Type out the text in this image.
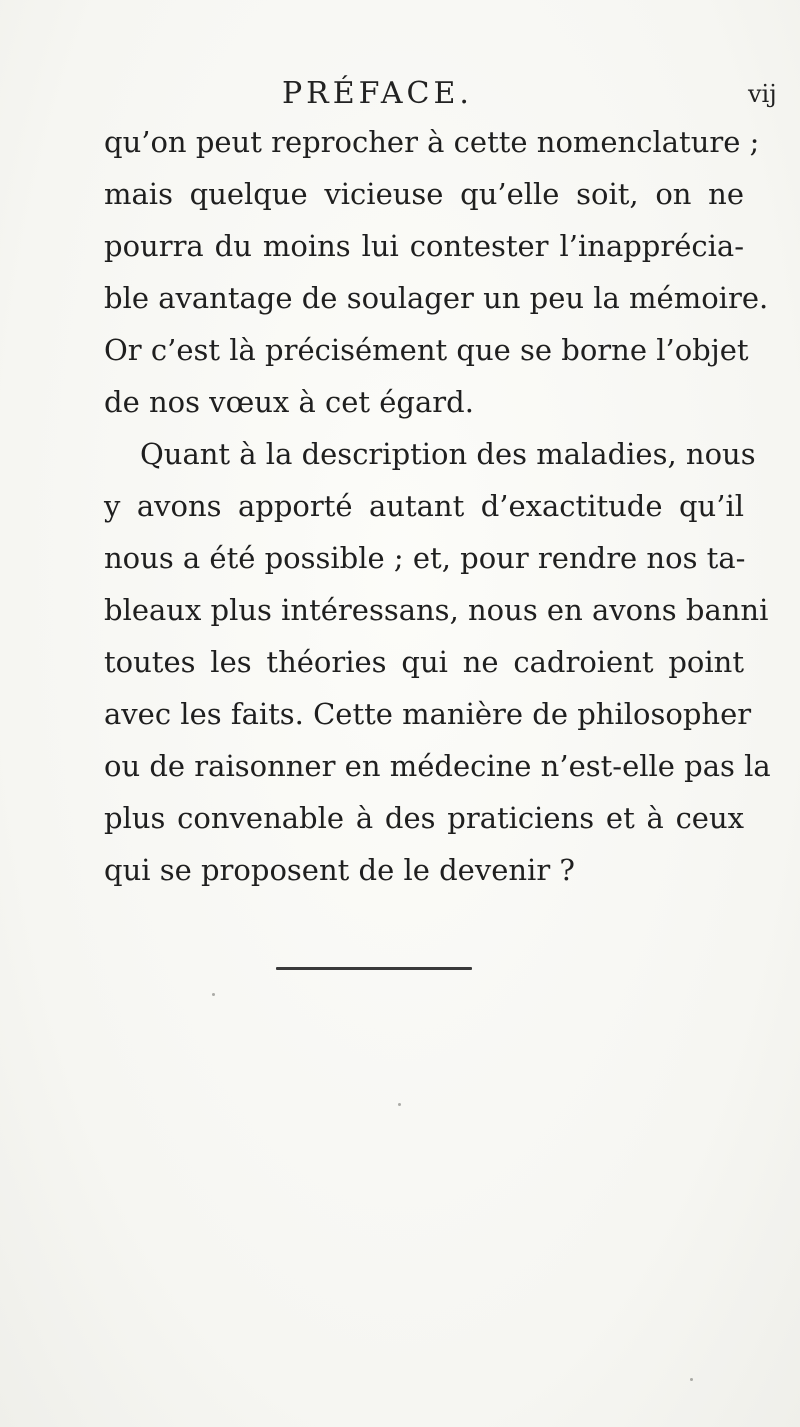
PRÉFACE.	vij
qu’on peut reprocher à cette nomenclature ;
mais quelque vicieuse qu’elle soit, on ne
pourra du moins lui contester l’inappréciа-
ble avantage de soulager un peu la mémoire.
Or c’est là précisément que se borne l’objet
de nos vœux à cet égard.
Quant à la description des maladies, nous
y avons apporté autant d’exactitude qu’il
nous a été possible ; et, pour rendre nos ta-
bleaux plus intéressans, nous en avons banni
toutes les théories qui ne cadroient point
avec les faits. Cette manière de philosopher
ou de raisonner en médecine n’est-elle pas la
plus convenable à des praticiens et à ceux
qui se proposent de le devenir ?
